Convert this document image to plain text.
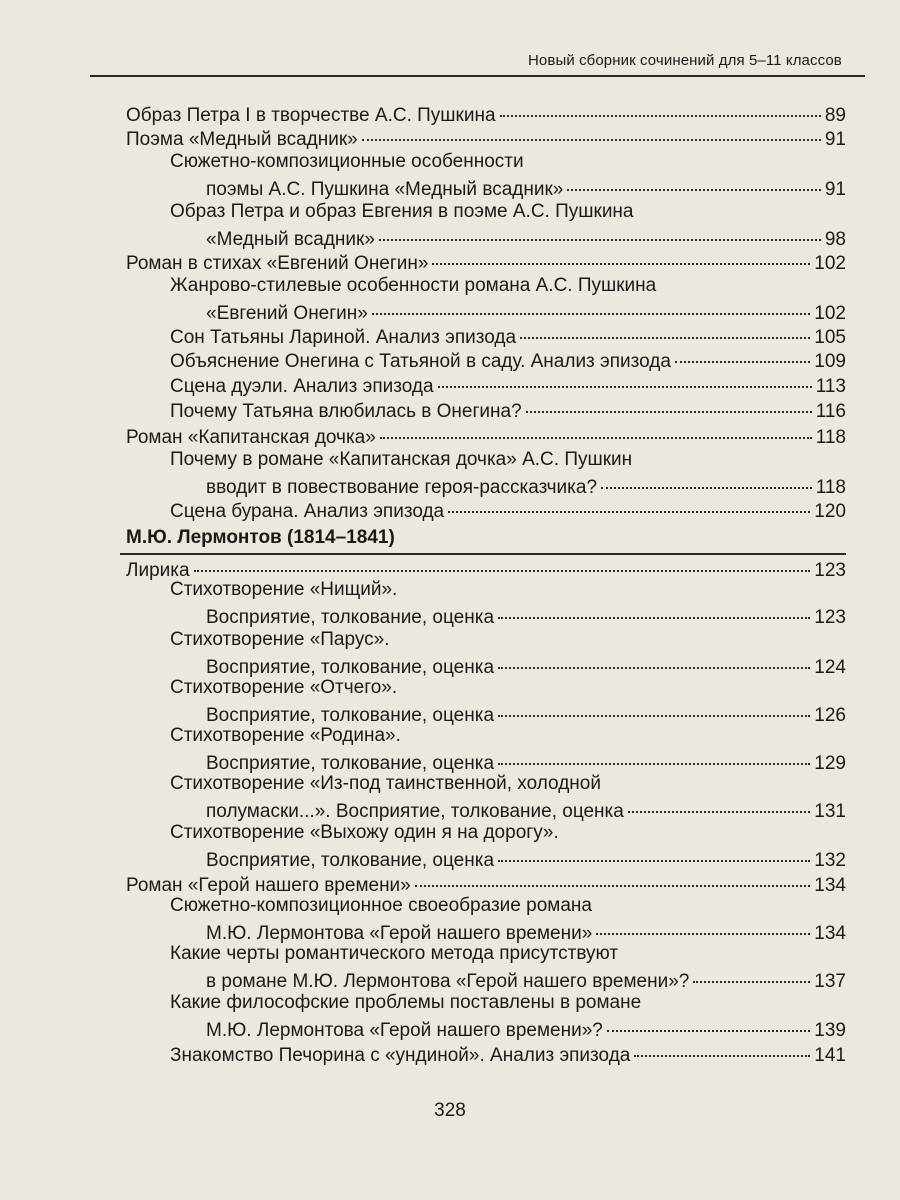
Новый сборник сочинений для 5–11 классов
Образ Петра I в творчестве А.С. Пушкина	89
Поэма «Медный всадник»	91
Сюжетно-композиционные особенности
поэмы А.С. Пушкина «Медный всадник»	91
Образ Петра и образ Евгения в поэме А.С. Пушкина
«Медный всадник»	98
Роман в стихах «Евгений Онегин»	102
Жанрово-стилевые особенности романа А.С. Пушкина
«Евгений Онегин»	102
Сон Татьяны Лариной. Анализ эпизода	105
Объяснение Онегина с Татьяной в саду. Анализ эпизода	109
Сцена дуэли. Анализ эпизода	113
Почему Татьяна влюбилась в Онегина?	116
Роман «Капитанская дочка»	118
Почему в романе «Капитанская дочка» А.С. Пушкин
вводит в повествование героя-рассказчика?	118
Сцена бурана. Анализ эпизода	120
М.Ю. Лермонтов (1814–1841)
Лирика	123
Стихотворение «Нищий».
Восприятие, толкование, оценка	123
Стихотворение «Парус».
Восприятие, толкование, оценка	124
Стихотворение «Отчего».
Восприятие, толкование, оценка	126
Стихотворение «Родина».
Восприятие, толкование, оценка	129
Стихотворение «Из-под таинственной, холодной
полумаски...». Восприятие, толкование, оценка	131
Стихотворение «Выхожу один я на дорогу».
Восприятие, толкование, оценка	132
Роман «Герой нашего времени»	134
Сюжетно-композиционное своеобразие романа
М.Ю. Лермонтова «Герой нашего времени»	134
Какие черты романтического метода присутствуют
в романе М.Ю. Лермонтова «Герой нашего времени»?	137
Какие философские проблемы поставлены в романе
М.Ю. Лермонтова «Герой нашего времени»?	139
Знакомство Печорина с «ундиной». Анализ эпизода	141
328
